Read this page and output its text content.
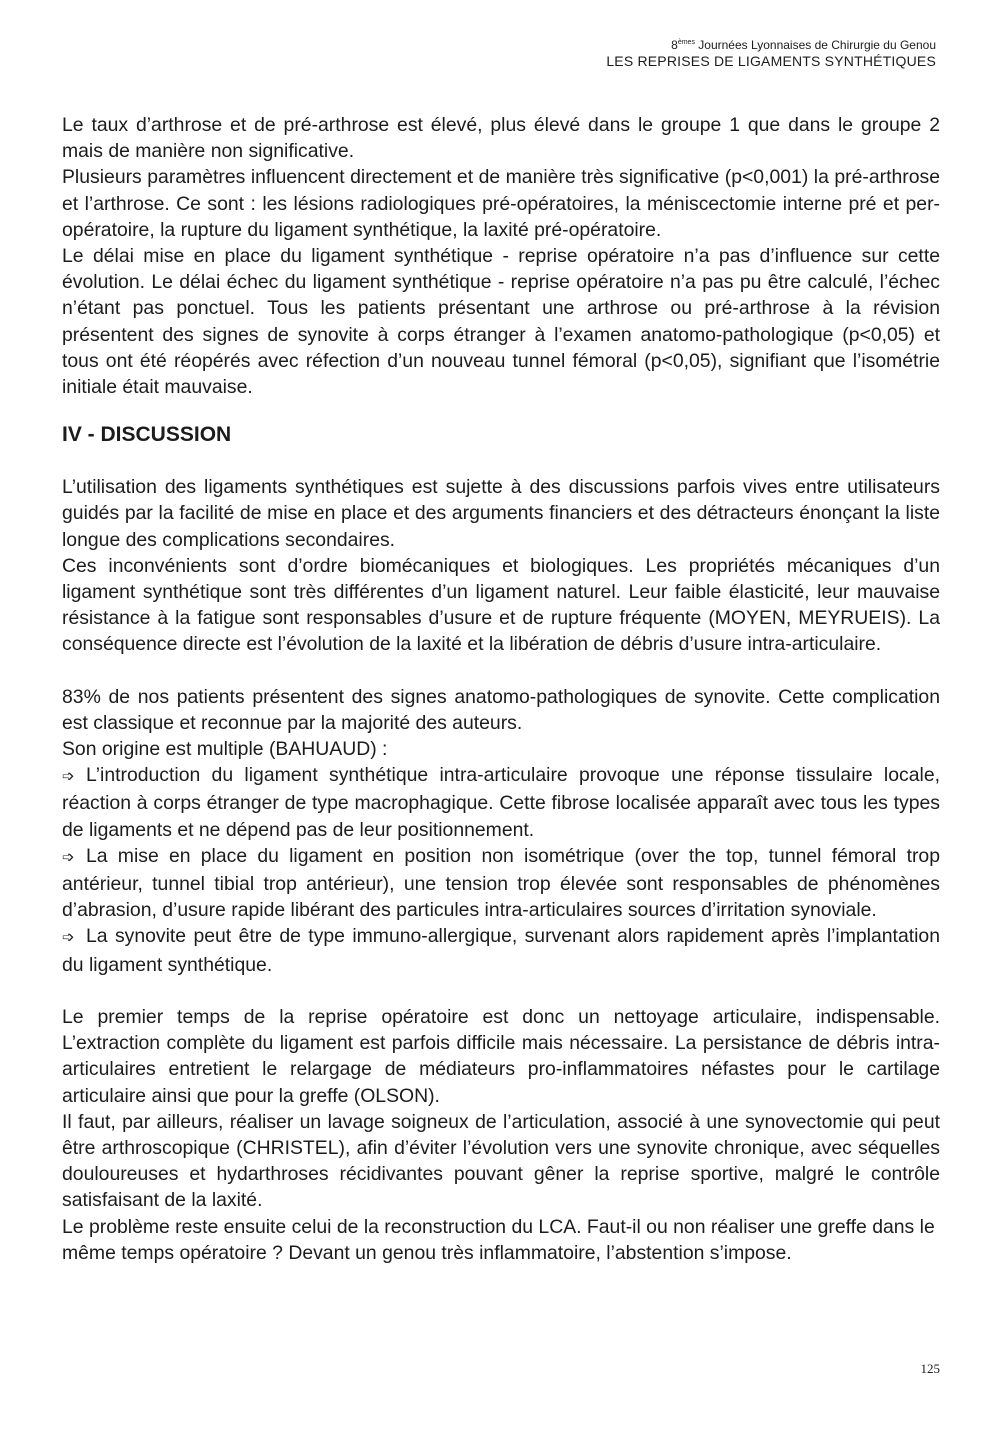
8èmes Journées Lyonnaises de Chirurgie du Genou
LES REPRISES DE LIGAMENTS SYNTHÉTIQUES

Le taux d’arthrose et de pré-arthrose est élevé, plus élevé dans le groupe 1 que dans le groupe 2 mais de manière non significative.

Plusieurs paramètres influencent directement et de manière très significative (p<0,001) la pré-arthrose et l’arthrose. Ce sont : les lésions radiologiques pré-opératoires, la méniscectomie interne pré et per-opératoire, la rupture du ligament synthétique, la laxité pré-opératoire.

Le délai mise en place du ligament synthétique - reprise opératoire n’a pas d’influence sur cette évolution. Le délai échec du ligament synthétique - reprise opératoire n’a pas pu être calculé, l’échec n’étant pas ponctuel. Tous les patients présentant une arthrose ou pré-arthrose à la révision présentent des signes de synovite à corps étranger à l’examen anatomo-pathologique (p<0,05) et tous ont été réopérés avec réfection d’un nouveau tunnel fémoral (p<0,05), signifiant que l’isométrie initiale était mauvaise.

IV - DISCUSSION

L’utilisation des ligaments synthétiques est sujette à des discussions parfois vives entre utilisateurs guidés par la facilité de mise en place et des arguments financiers et des détracteurs énonçant la liste longue des complications secondaires.

Ces inconvénients sont d’ordre biomécaniques et biologiques. Les propriétés mécaniques d’un ligament synthétique sont très différentes d’un ligament naturel. Leur faible élasticité, leur mauvaise résistance à la fatigue sont responsables d’usure et de rupture fréquente (MOYEN, MEYRUEIS). La conséquence directe est l’évolution de la laxité et la libération de débris d’usure intra-articulaire.

83% de nos patients présentent des signes anatomo-pathologiques de synovite. Cette complication est classique et reconnue par la majorité des auteurs.

Son origine est multiple (BAHUAUD) :

➩ L’introduction du ligament synthétique intra-articulaire provoque une réponse tissulaire locale, réaction à corps étranger de type macrophagique. Cette fibrose localisée apparaît avec tous les types de ligaments et ne dépend pas de leur positionnement.

➩ La mise en place du ligament en position non isométrique (over the top, tunnel fémoral trop antérieur, tunnel tibial trop antérieur), une tension trop élevée sont responsables de phénomènes d’abrasion, d’usure rapide libérant des particules intra-articulaires sources d’irritation synoviale.

➩ La synovite peut être de type immuno-allergique, survenant alors rapidement après l’implantation du ligament synthétique.

Le premier temps de la reprise opératoire est donc un nettoyage articulaire, indispensable. L’extraction complète du ligament est parfois difficile mais nécessaire. La persistance de débris intra-articulaires entretient le relargage de médiateurs pro-inflammatoires néfastes pour le cartilage articulaire ainsi que pour la greffe (OLSON).

Il faut, par ailleurs, réaliser un lavage soigneux de l’articulation, associé à une synovectomie qui peut être arthroscopique (CHRISTEL), afin d’éviter l’évolution vers une synovite chronique, avec séquelles douloureuses et hydarthroses récidivantes pouvant gêner la reprise sportive, malgré le contrôle satisfaisant de la laxité.

Le problème reste ensuite celui de la reconstruction du LCA. Faut-il ou non réaliser une greffe dans le même temps opératoire ? Devant un genou très inflammatoire, l’abstention s’impose.

125
